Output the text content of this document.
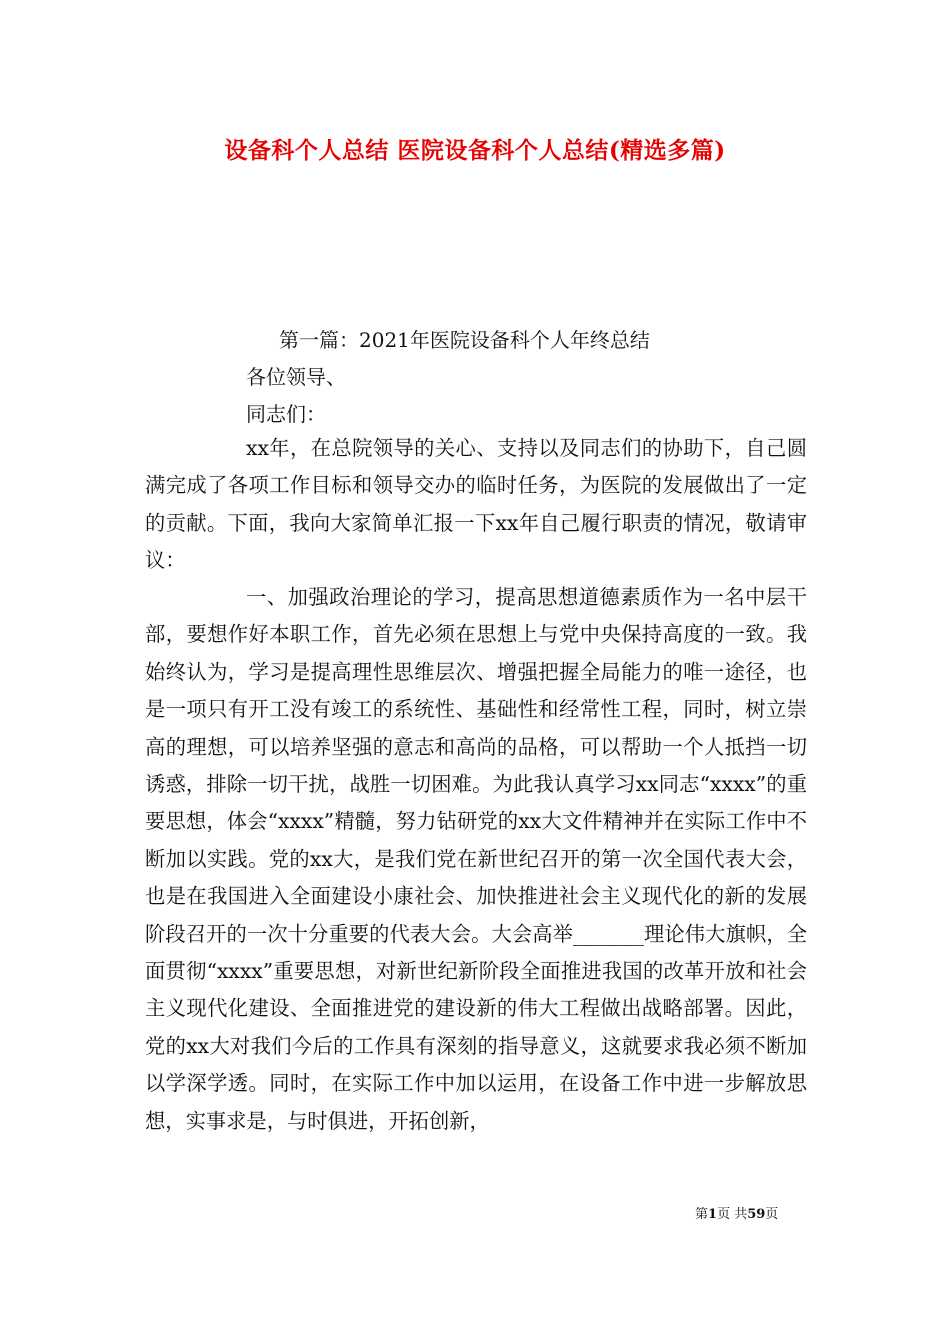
设备科个人总结 医院设备科个人总结(精选多篇)
第一篇：2021年医院设备科个人年终总结
各位领导、
同志们：

xx年，在总院领导的关心、支持以及同志们的协助下，自己圆满完成了各项工作目标和领导交办的临时任务，为医院的发展做出了一定的贡献。下面，我向大家简单汇报一下xx年自己履行职责的情况，敬请审议：

一、加强政治理论的学习，提高思想道德素质作为一名中层干部，要想作好本职工作，首先必须在思想上与党中央保持高度的一致。我始终认为，学习是提高理性思维层次、增强把握全局能力的唯一途径，也是一项只有开工没有竣工的系统性、基础性和经常性工程，同时，树立崇高的理想，可以培养坚强的意志和高尚的品格，可以帮助一个人抵挡一切诱惑，排除一切干扰，战胜一切困难。为此我认真学习xx同志“xxxx”的重要思想，体会“xxxx”精髓，努力钻研党的xx大文件精神并在实际工作中不断加以实践。党的xx大，是我们党在新世纪召开的第一次全国代表大会，也是在我国进入全面建设小康社会、加快推进社会主义现代化的新的发展阶段召开的一次十分重要的代表大会。大会高举_______理论伟大旗帜，全面贯彻“xxxx”重要思想，对新世纪新阶段全面推进我国的改革开放和社会主义现代化建设、全面推进党的建设新的伟大工程做出战略部署。因此，党的xx大对我们今后的工作具有深刻的指导意义，这就要求我必须不断加以学深学透。同时，在实际工作中加以运用，在设备工作中进一步解放思想，实事求是，与时俱进，开拓创新，

第1页 共59页
